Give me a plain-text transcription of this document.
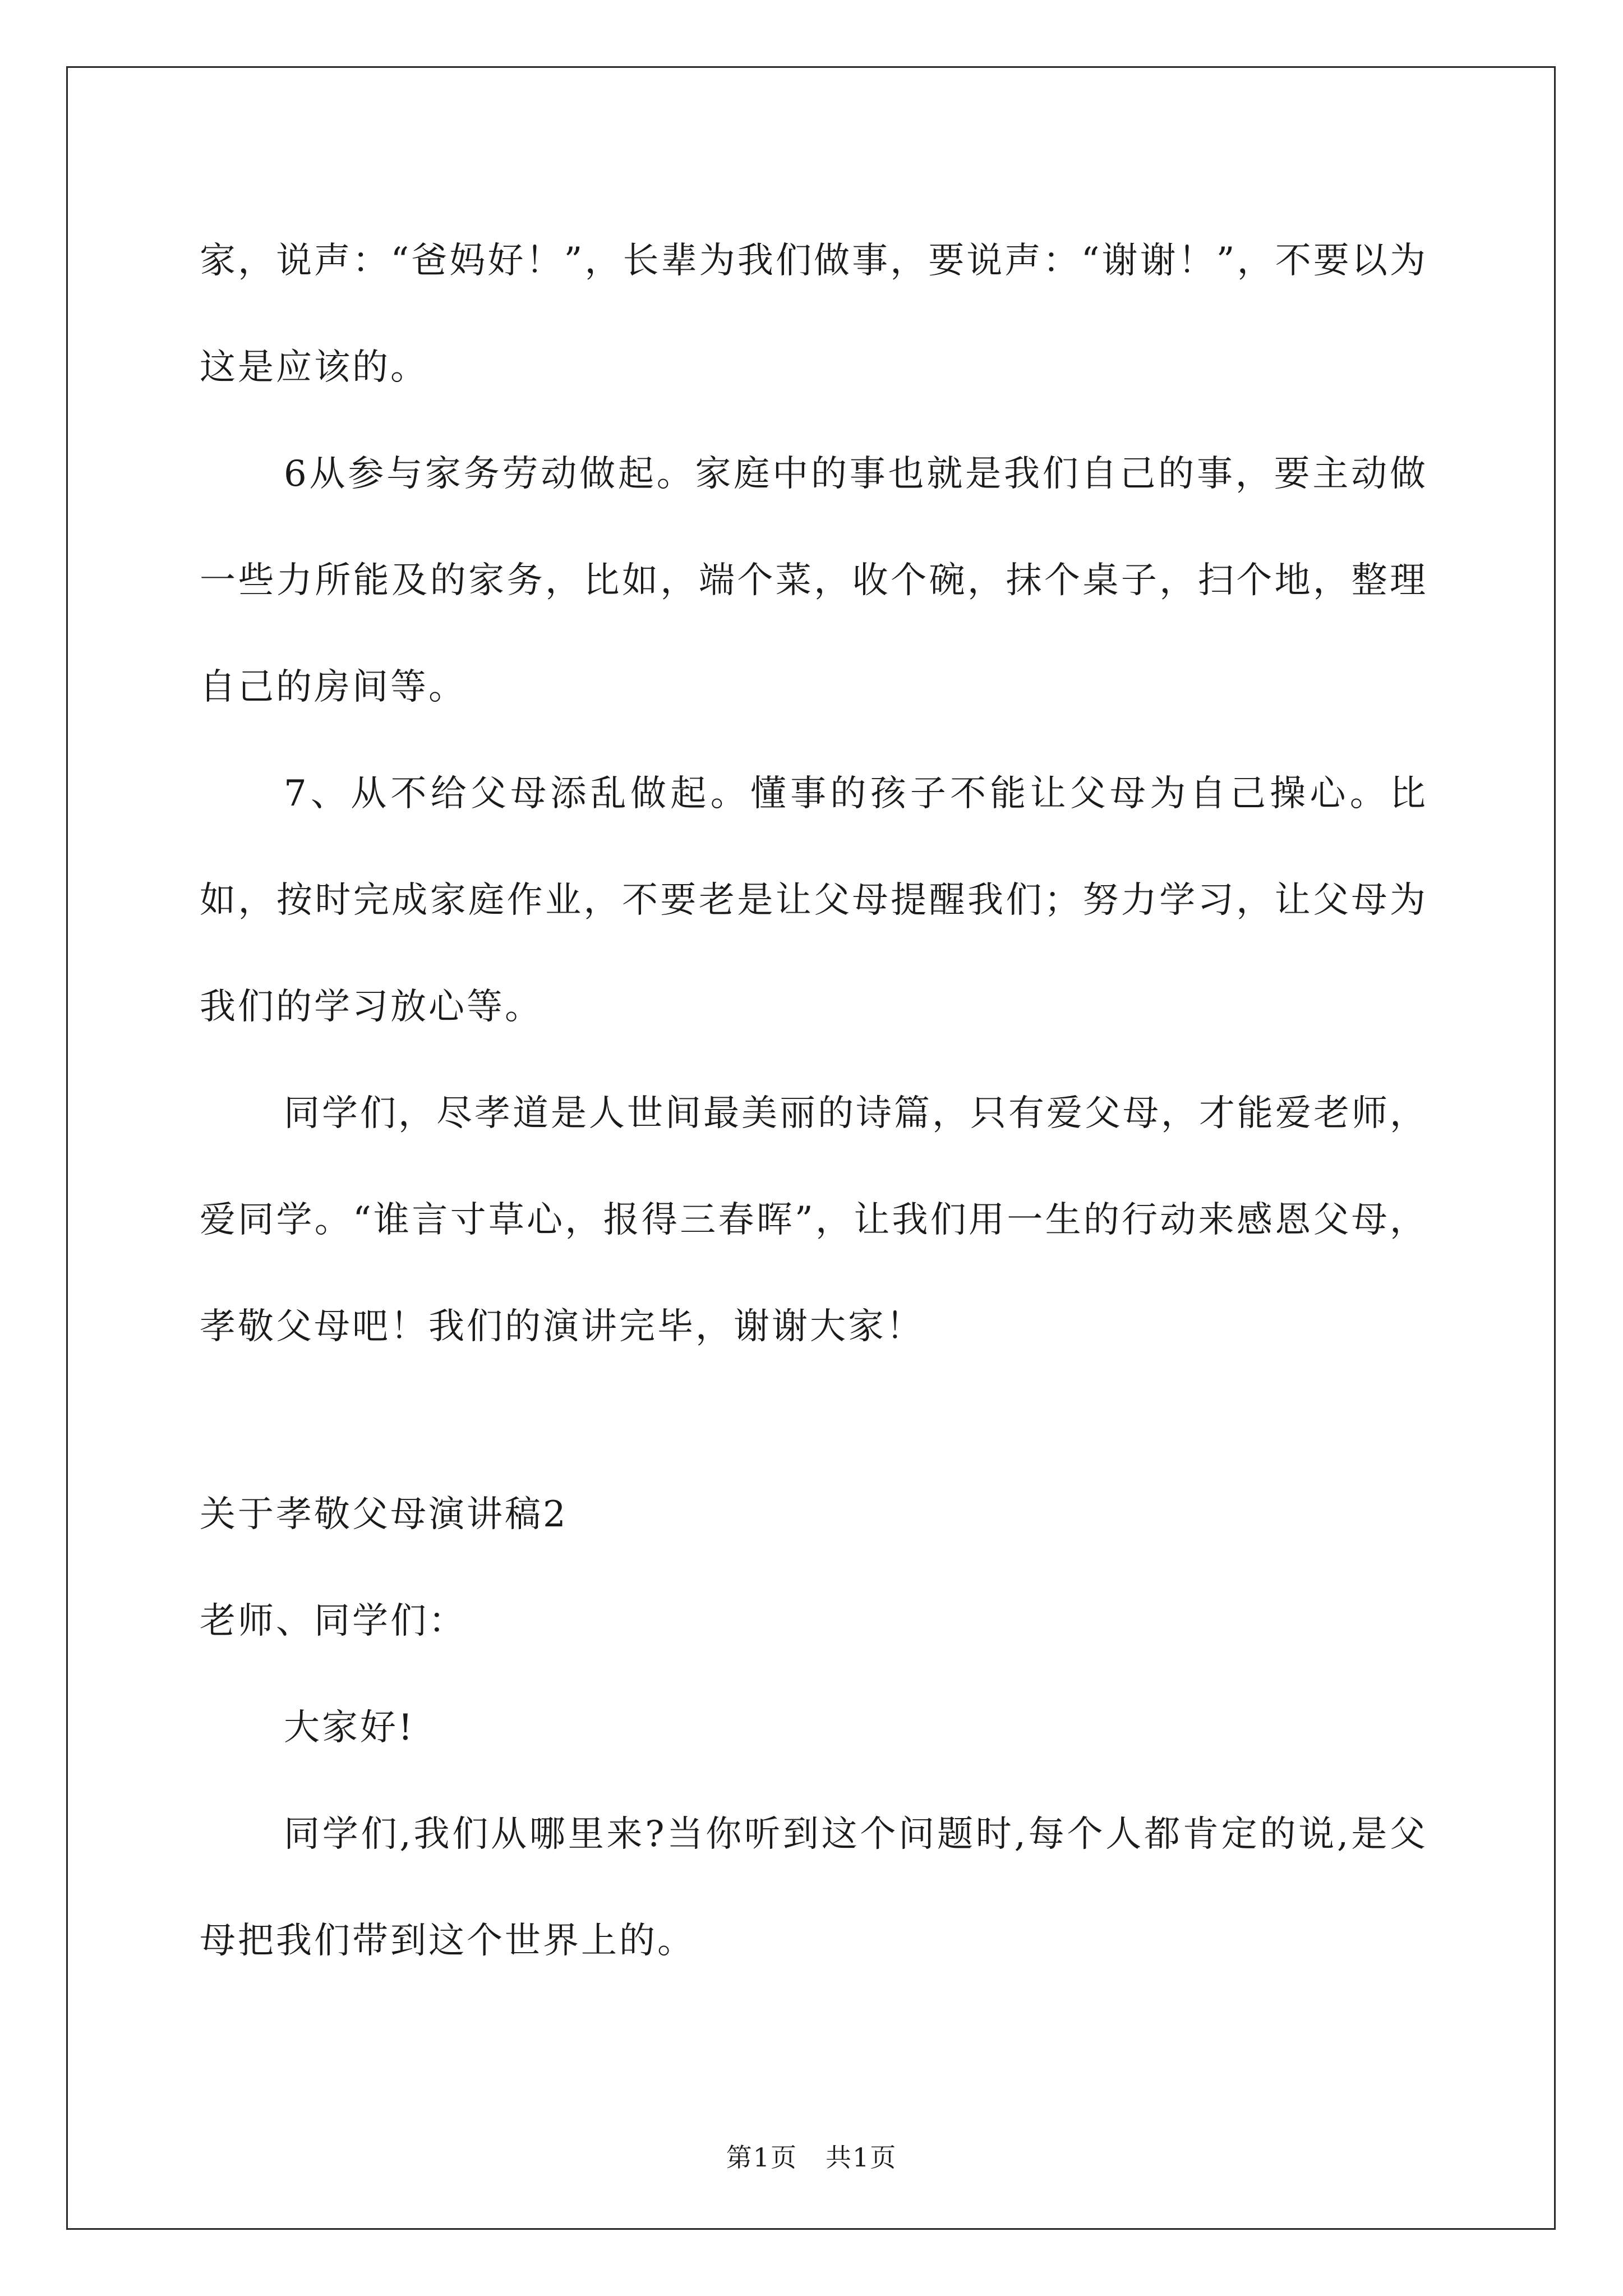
家，说声：“爸妈好！”，长辈为我们做事，要说声：“谢谢！”，不要以为这是应该的。

6从参与家务劳动做起。家庭中的事也就是我们自己的事，要主动做一些力所能及的家务，比如，端个菜，收个碗，抹个桌子，扫个地，整理自己的房间等。

7、从不给父母添乱做起。懂事的孩子不能让父母为自己操心。比如，按时完成家庭作业，不要老是让父母提醒我们；努力学习，让父母为我们的学习放心等。

同学们，尽孝道是人世间最美丽的诗篇，只有爱父母，才能爱老师，爱同学。“谁言寸草心，报得三春晖”，让我们用一生的行动来感恩父母，孝敬父母吧！我们的演讲完毕，谢谢大家！

关于孝敬父母演讲稿2

老师、同学们：

大家好!

同学们,我们从哪里来?当你听到这个问题时,每个人都肯定的说,是父母把我们带到这个世界上的。

第1页 共1页
